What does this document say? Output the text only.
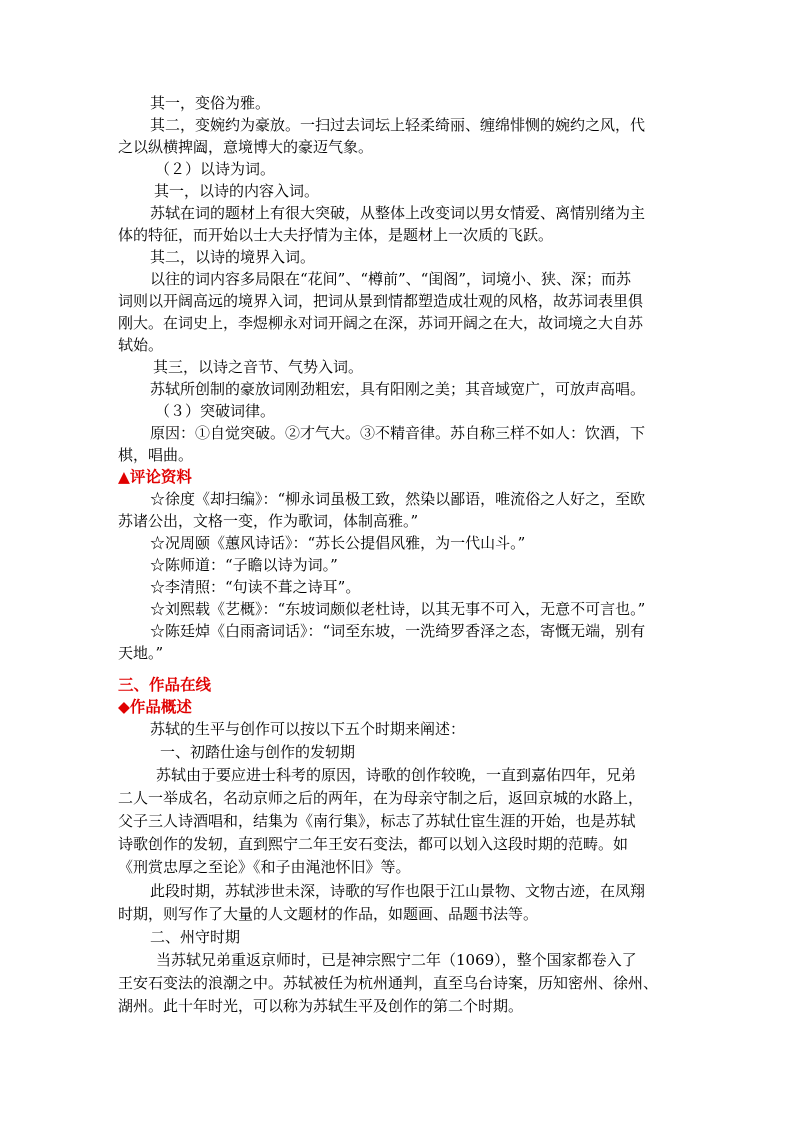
其一，变俗为雅。
其二，变婉约为豪放。一扫过去词坛上轻柔绮丽、缠绵悱恻的婉约之风，代
之以纵横捭阖，意境博大的豪迈气象。
（２）以诗为词。
其一，以诗的内容入词。
苏轼在词的题材上有很大突破，从整体上改变词以男女情爱、离情别绪为主
体的特征，而开始以士大夫抒情为主体，是题材上一次质的飞跃。
其二，以诗的境界入词。
以往的词内容多局限在“花间”、“樽前”、“闺阁”，词境小、狭、深；而苏
词则以开阔高远的境界入词，把词从景到情都塑造成壮观的风格，故苏词表里俱
刚大。在词史上，李煜柳永对词开阔之在深，苏词开阔之在大，故词境之大自苏
轼始。
其三，以诗之音节、气势入词。
苏轼所创制的豪放词刚劲粗宏，具有阳刚之美；其音域宽广，可放声高唱。
（３）突破词律。
原因：①自觉突破。②才气大。③不精音律。苏自称三样不如人：饮酒，下
棋，唱曲。
▲评论资料
☆徐度《却扫编》：“柳永词虽极工致，然染以鄙语，唯流俗之人好之，至欧
苏诸公出，文格一变，作为歌词，体制高雅。”
☆况周颐《蕙风诗话》：“苏长公提倡风雅，为一代山斗。”
☆陈师道：“子瞻以诗为词。”
☆李清照：“句读不葺之诗耳”。
☆刘熙载《艺概》：“东坡词颇似老杜诗，以其无事不可入，无意不可言也。”
☆陈廷焯《白雨斋词话》：“词至东坡，一洗绮罗香泽之态，寄慨无端，别有
天地。”
三、作品在线
◆作品概述
苏轼的生平与创作可以按以下五个时期来阐述：
一、初踏仕途与创作的发轫期
苏轼由于要应进士科考的原因，诗歌的创作较晚，一直到嘉佑四年，兄弟
二人一举成名，名动京师之后的两年，在为母亲守制之后，返回京城的水路上，
父子三人诗酒唱和，结集为《南行集》，标志了苏轼仕宦生涯的开始，也是苏轼
诗歌创作的发轫，直到熙宁二年王安石变法，都可以划入这段时期的范畴。如
《刑赏忠厚之至论》《和子由渑池怀旧》等。
此段时期，苏轼涉世未深，诗歌的写作也限于江山景物、文物古迹，在凤翔
时期，则写作了大量的人文题材的作品，如题画、品题书法等。
二、州守时期
当苏轼兄弟重返京师时，已是神宗熙宁二年（1069），整个国家都卷入了
王安石变法的浪潮之中。苏轼被任为杭州通判，直至乌台诗案，历知密州、徐州、
湖州。此十年时光，可以称为苏轼生平及创作的第二个时期。
